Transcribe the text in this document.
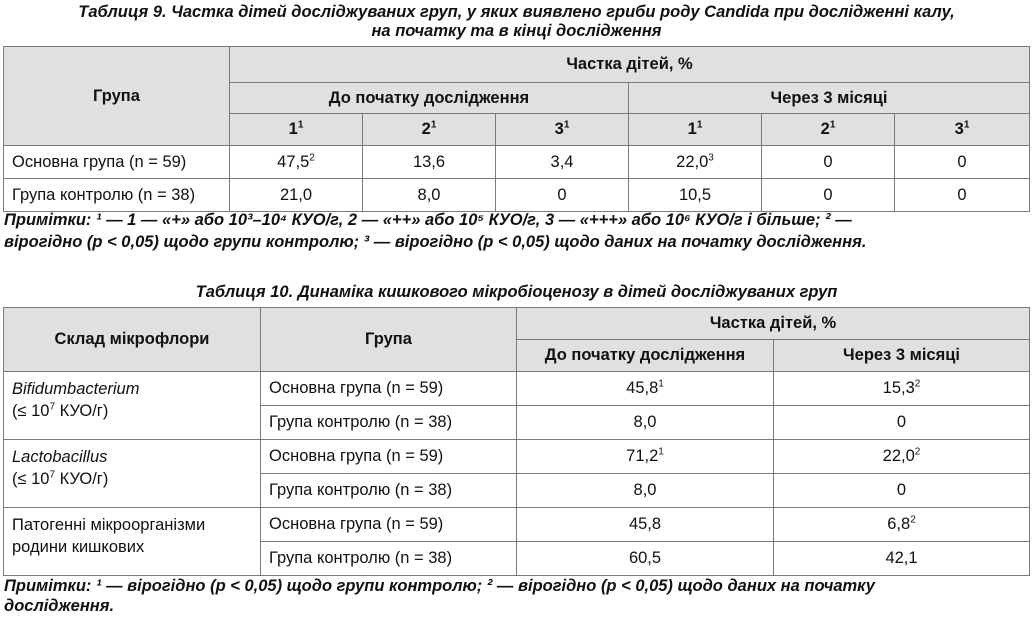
Таблиця 9. Частка дітей досліджуваних груп, у яких виявлено гриби роду Candida при дослідженні калу,
на початку та в кінці дослідження
Група	Частка дітей, %					
	До початку дослідження			Через 3 місяці		
	$1^1$	$2^1$	$3^1$	$1^1$	$2^1$	$3^1$
Основна група (n = 59)	47,5$^2$	13,6	3,4	22,0$^3$	0	0
Група контролю (n = 38)	21,0	8,0	0	10,5	0	0
Примітки: ¹ — 1 — «+» або 10³–10⁴ КУО/г, 2 — «++» або 10⁵ КУО/г, 3 — «+++» або 10⁶ КУО/г і більше; ² —
вірогідно (p < 0,05) щодо групи контролю; ³ — вірогідно (p < 0,05) щодо даних на початку дослідження.
Таблиця 10. Динаміка кишкового мікробіоценозу в дітей досліджуваних груп
Склад мікрофлори	Група	Частка дітей, %	
		До початку дослідження	Через 3 місяці
Bifidumbacterium
(≤ $10^7$ КУО/г)	Основна група (n = 59)	45,8$^1$	15,3$^2$
	Група контролю (n = 38)	8,0	0
Lactobacillus
(≤ $10^7$ КУО/г)	Основна група (n = 59)	71,2$^1$	22,0$^2$
	Група контролю (n = 38)	8,0	0
Патогенні мікроорганізми
родини кишкових	Основна група (n = 59)	45,8	$6,8^2$
	Група контролю (n = 38)	60,5	42,1
Примітки: ¹ — вірогідно (p < 0,05) щодо групи контролю; ² — вірогідно (p < 0,05) щодо даних на початку
дослідження.
